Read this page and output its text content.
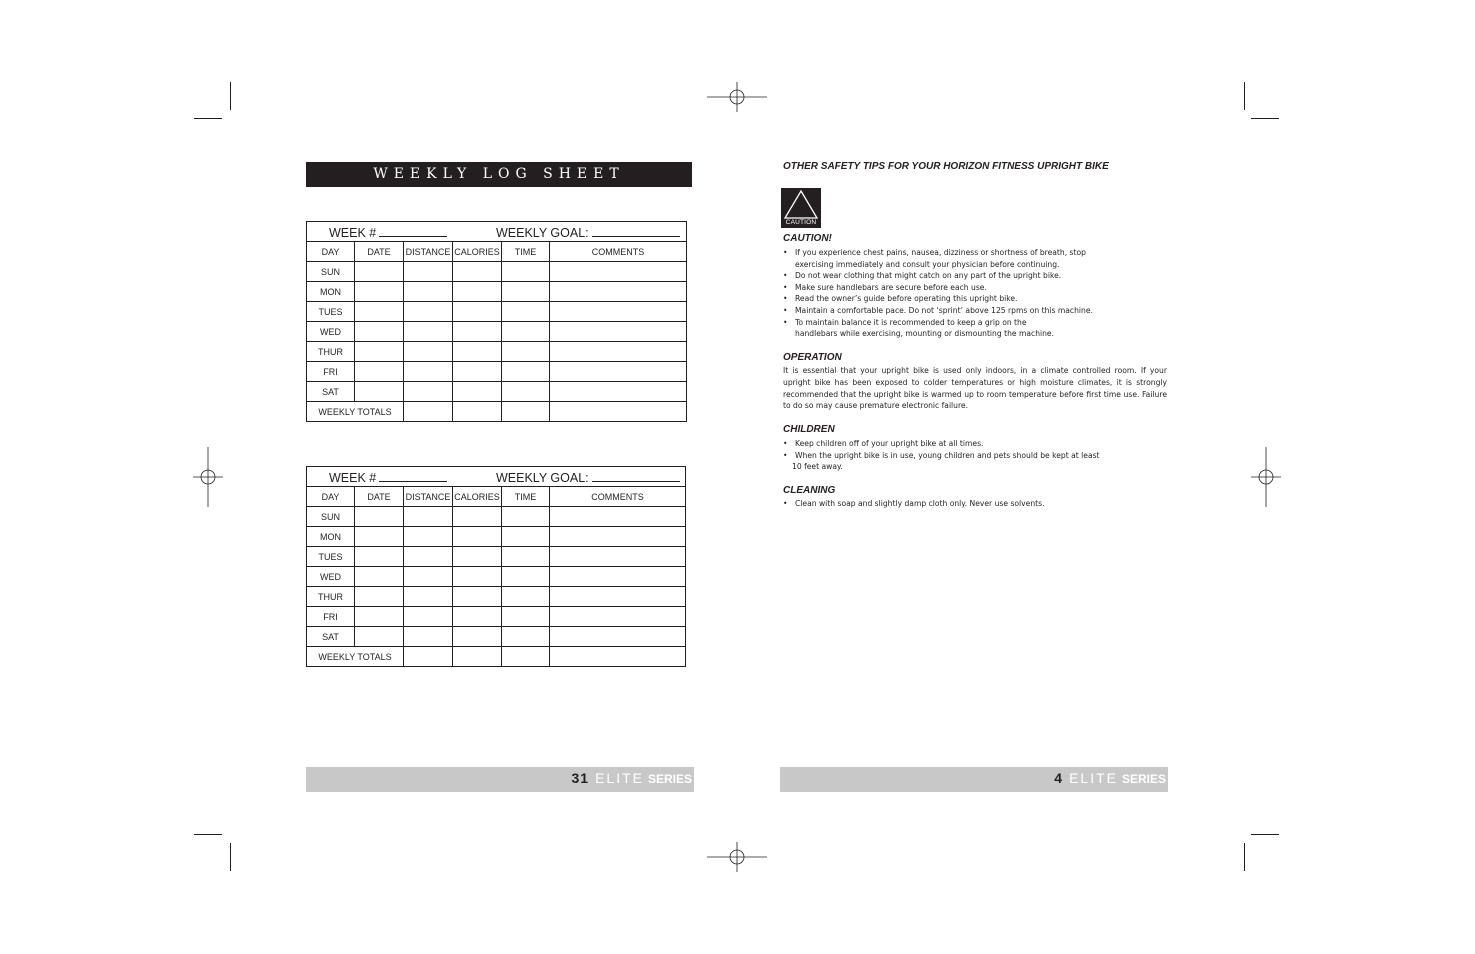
WEEKLY LOG SHEET
WEEK # WEEKLY GOAL:					

DAY	DATE	DISTANCE	CALORIES	TIME	COMMENTS
SUN					
MON					
TUES					
WED					
THUR					
FRI					
SAT					
WEEKLY TOTALS					
WEEK # WEEKLY GOAL:					

DAY	DATE	DISTANCE	CALORIES	TIME	COMMENTS
SUN					
MON					
TUES					
WED					
THUR					
FRI					
SAT					
WEEKLY TOTALS					
31 ELITE SERIES
OTHER SAFETY TIPS FOR YOUR HORIZON FITNESS UPRIGHT BIKE
CAUTION
CAUTION!
• If you experience chest pains, nausea, dizziness or shortness of breath, stop
exercising immediately and consult your physician before continuing.
• Do not wear clothing that might catch on any part of the upright bike.
• Make sure handlebars are secure before each use.
• Read the owner’s guide before operating this upright bike.
• Maintain a comfortable pace. Do not ‘sprint’ above 125 rpms on this machine.
• To maintain balance it is recommended to keep a grip on the
handlebars while exercising, mounting or dismounting the machine.
OPERATION

It is essential that your upright bike is used only indoors, in a climate controlled room. If your upright bike has been exposed to colder temperatures or high moisture climates, it is strongly recommended that the upright bike is warmed up to room temperature before first time use. Failure to do so may cause premature electronic failure.

CHILDREN
• Keep children off of your upright bike at all times.
• When the upright bike is in use, young children and pets should be kept at least
10 feet away.
CLEANING
• Clean with soap and slightly damp cloth only. Never use solvents.
4 ELITE SERIES
